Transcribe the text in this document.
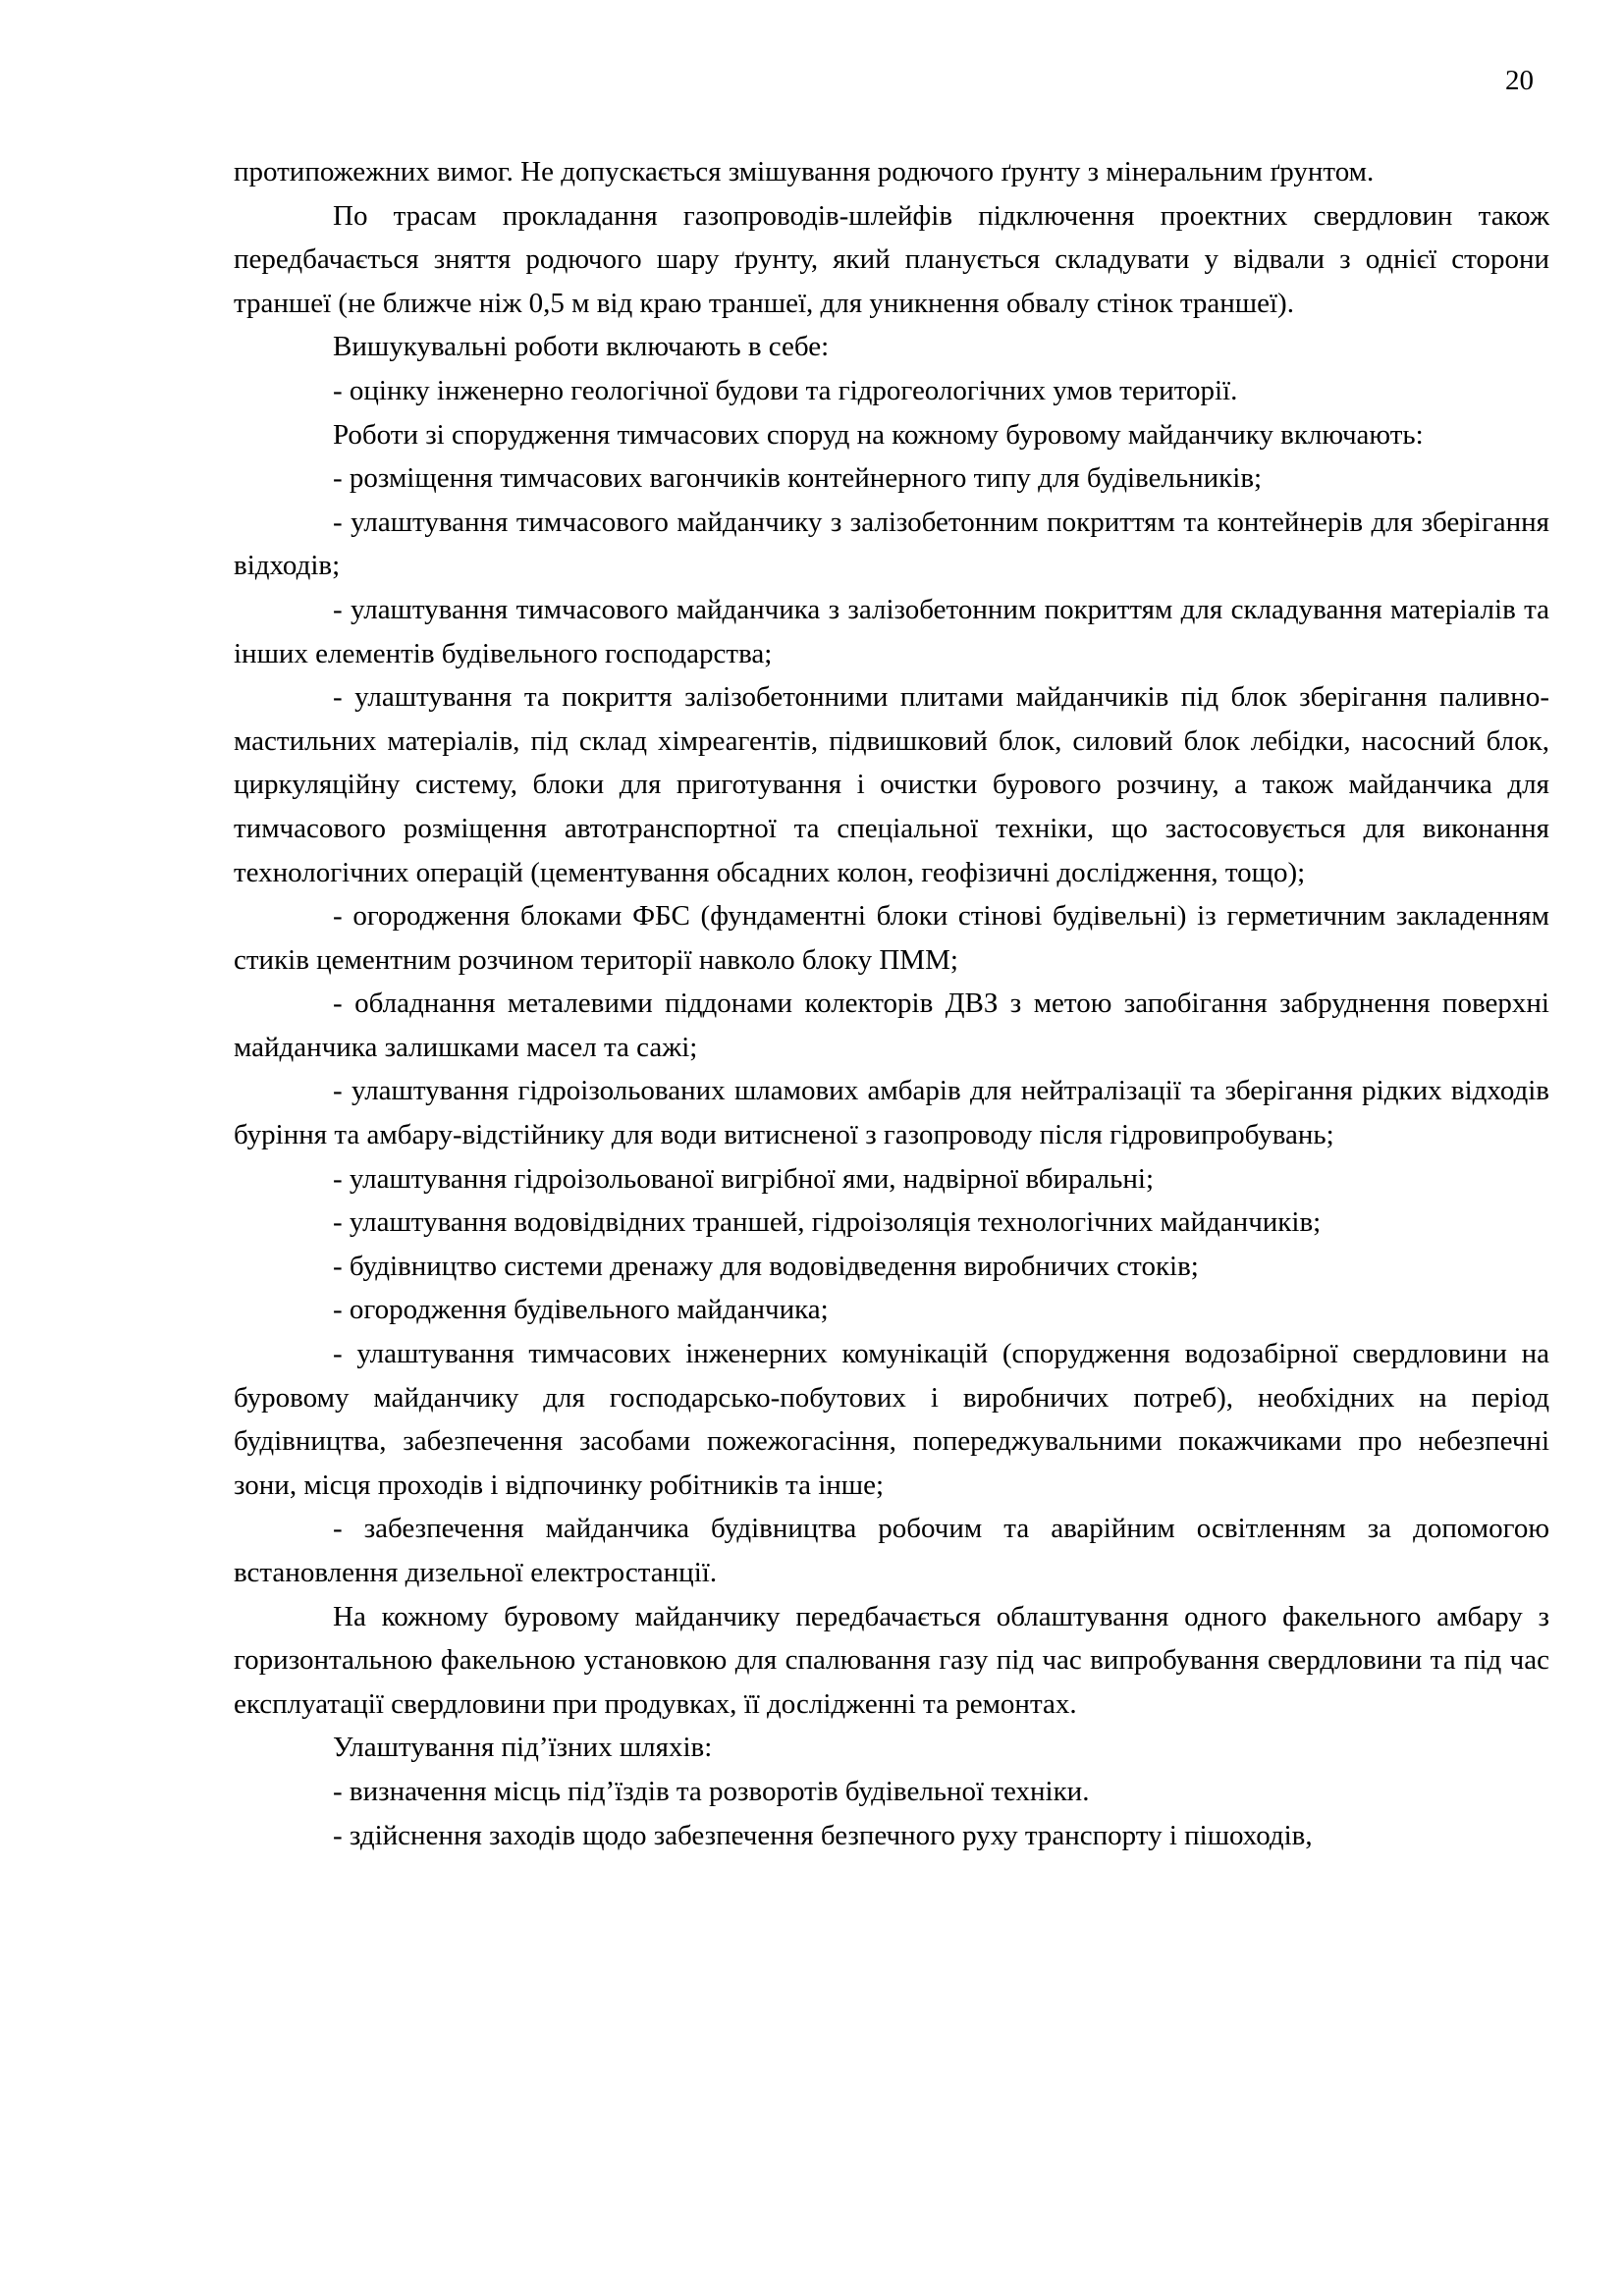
20

протипожежних вимог. Не допускається змішування родючого ґрунту з мінеральним ґрунтом.

По трасам прокладання газопроводів-шлейфів підключення проектних свердловин також передбачається зняття родючого шару ґрунту, який планується складувати у відвали з однієї сторони траншеї (не ближче ніж 0,5 м від краю траншеї, для уникнення обвалу стінок траншеї).

Вишукувальні роботи включають в себе:

- оцінку інженерно геологічної будови та гідрогеологічних умов території.

Роботи зі спорудження тимчасових споруд на кожному буровому майданчику включають:

- розміщення тимчасових вагончиків контейнерного типу для будівельників;

- улаштування тимчасового майданчику з залізобетонним покриттям та контейнерів для зберігання відходів;

- улаштування тимчасового майданчика з залізобетонним покриттям для складування матеріалів та інших елементів будівельного господарства;

- улаштування та покриття залізобетонними плитами майданчиків під блок зберігання паливно-мастильних матеріалів, під склад хімреагентів, підвишковий блок, силовий блок лебідки, насосний блок, циркуляційну систему, блоки для приготування і очистки бурового розчину, а також майданчика для тимчасового розміщення автотранспортної та спеціальної техніки, що застосовується для виконання технологічних операцій (цементування обсадних колон, геофізичні дослідження, тощо);

- огородження блоками ФБС (фундаментні блоки стінові будівельні) із герметичним закладенням стиків цементним розчином території навколо блоку ПММ;

- обладнання металевими піддонами колекторів ДВЗ з метою запобігання забруднення поверхні майданчика залишками масел та сажі;

- улаштування гідроізольованих шламових амбарів для нейтралізації та зберігання рідких відходів буріння та амбару-відстійнику для води витисненої з газопроводу після гідровипробувань;

- улаштування гідроізольованої вигрібної ями, надвірної вбиральні;

- улаштування водовідвідних траншей, гідроізоляція технологічних майданчиків;

- будівництво системи дренажу для водовідведення виробничих стоків;

- огородження будівельного майданчика;

- улаштування тимчасових інженерних комунікацій (спорудження водозабірної свердловини на буровому майданчику для господарсько-побутових і виробничих потреб), необхідних на період будівництва, забезпечення засобами пожежогасіння, попереджувальними покажчиками про небезпечні зони, місця проходів і відпочинку робітників та інше;

- забезпечення майданчика будівництва робочим та аварійним освітленням за допомогою встановлення дизельної електростанції.

На кожному буровому майданчику передбачається облаштування одного факельного амбару з горизонтальною факельною установкою для спалювання газу під час випробування свердловини та під час експлуатації свердловини при продувках, її дослідженні та ремонтах.

Улаштування під’їзних шляхів:

- визначення місць під’їздів та розворотів будівельної техніки.

- здійснення заходів щодо забезпечення безпечного руху транспорту і пішоходів,
